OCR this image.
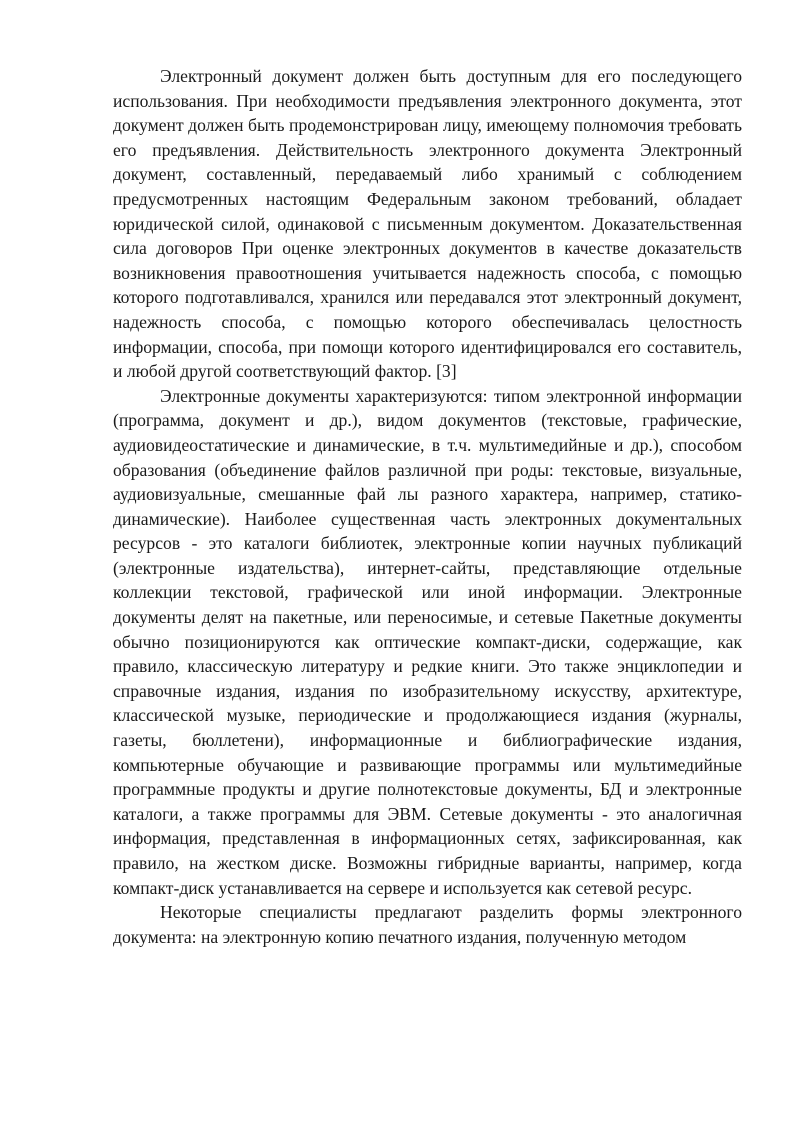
Электронный документ должен быть доступным для его последующего использования. При необходимости предъявления электронного документа, этот документ должен быть продемонстрирован лицу, имеющему полномочия требовать его предъявления. Действительность электронного документа Электронный документ, составленный, передаваемый либо хранимый с соблюдением предусмотренных настоящим Федеральным законом требований, обладает юридической силой, одинаковой с письменным документом. Доказательственная сила договоров При оценке электронных документов в качестве доказательств возникновения правоотношения учитывается надежность способа, с помощью которого подготавливался, хранился или передавался этот электронный документ, надежность способа, с помощью которого обеспечивалась целостность информации, способа, при помощи которого идентифицировался его составитель, и любой другой соответствующий фактор. [3]

Электронные документы характеризуются: типом электронной информации (программа, документ и др.), видом документов (текстовые, графические, аудиовидеостатические и динамические, в т.ч. мультимедийные и др.), способом образования (объединение файлов различной при роды: текстовые, визуальные, аудиовизуальные, смешанные фай лы разного характера, например, статико-динамические). Наиболее существенная часть электронных документальных ресурсов - это каталоги библиотек, электронные копии научных публикаций (электронные издательства), интернет-сайты, представляющие отдельные коллекции текстовой, графической или иной информации. Электронные документы делят на пакетные, или переносимые, и сетевые Пакетные документы обычно позиционируются как оптические компакт-диски, содержащие, как правило, классическую литературу и редкие книги. Это также энциклопедии и справочные издания, издания по изобразительному искусству, архитектуре, классической музыке, периодические и продолжающиеся издания (журналы, газеты, бюллетени), информационные и библиографические издания, компьютерные обучающие и развивающие программы или мультимедийные программные продукты и другие полнотекстовые документы, БД и электронные каталоги, а также программы для ЭВМ. Сетевые документы - это аналогичная информация, представленная в информационных сетях, зафиксированная, как правило, на жестком диске. Возможны гибридные варианты, например, когда компакт-диск устанавливается на сервере и используется как сетевой ресурс.

Некоторые специалисты предлагают разделить формы электронного документа: на электронную копию печатного издания, полученную методом
